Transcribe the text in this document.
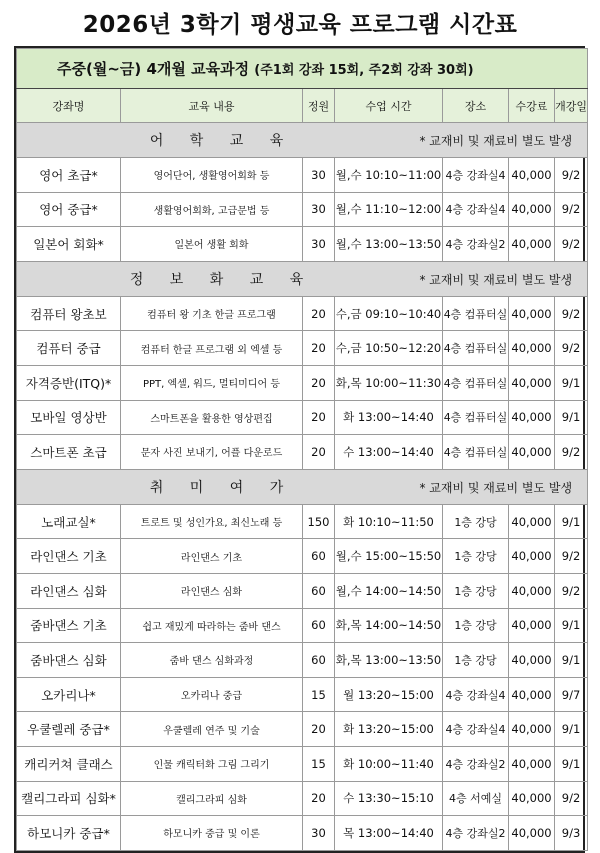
2026년 3학기 평생교육 프로그램 시간표
주중(월~금) 4개월 교육과정 (주1회 강좌 15회, 주2회 강좌 30회)						
강좌명	교육 내용	정원	수업 시간	장소	수강료	개강일
어 학 교 육 * 교재비 및 재료비 별도 발생						
영어 초급*	영어단어, 생활영어회화 등	30	월,수 10:10~11:00	4층 강좌실4	40,000	9/2
영어 중급*	생활영어회화, 고급문법 등	30	월,수 11:10~12:00	4층 강좌실4	40,000	9/2
일본어 회화*	일본어 생활 회화	30	월,수 13:00~13:50	4층 강좌실2	40,000	9/2
정 보 화 교 육 * 교재비 및 재료비 별도 발생						
컴퓨터 왕초보	컴퓨터 왕 기초 한글 프로그램	20	수,금 09:10~10:40	4층 컴퓨터실	40,000	9/2
컴퓨터 중급	컴퓨터 한글 프로그램 외 엑셀 등	20	수,금 10:50~12:20	4층 컴퓨터실	40,000	9/2
자격증반(ITQ)*	PPT, 엑셀, 워드, 멀티미디어 등	20	화,목 10:00~11:30	4층 컴퓨터실	40,000	9/1
모바일 영상반	스마트폰을 활용한 영상편집	20	화 13:00~14:40	4층 컴퓨터실	40,000	9/1
스마트폰 초급	문자 사진 보내기, 어플 다운로드	20	수 13:00~14:40	4층 컴퓨터실	40,000	9/2
취 미 여 가 * 교재비 및 재료비 별도 발생						
노래교실*	트로트 및 성인가요, 최신노래 등	150	화 10:10~11:50	1층 강당	40,000	9/1
라인댄스 기초	라인댄스 기초	60	월,수 15:00~15:50	1층 강당	40,000	9/2
라인댄스 심화	라인댄스 심화	60	월,수 14:00~14:50	1층 강당	40,000	9/2
줌바댄스 기초	쉽고 재밌게 따라하는 줌바 댄스	60	화,목 14:00~14:50	1층 강당	40,000	9/1
줌바댄스 심화	줌바 댄스 심화과정	60	화,목 13:00~13:50	1층 강당	40,000	9/1
오카리나*	오카리나 중급	15	월 13:20~15:00	4층 강좌실4	40,000	9/7
우쿨렐레 중급*	우쿨렐레 연주 및 기술	20	화 13:20~15:00	4층 강좌실4	40,000	9/1
캐리커쳐 클래스	인물 캐릭터화 그림 그리기	15	화 10:00~11:40	4층 강좌실2	40,000	9/1
캘리그라피 심화*	캘리그라피 심화	20	수 13:30~15:10	4층 서예실	40,000	9/2
하모니카 중급*	하모니카 중급 및 이론	30	목 13:00~14:40	4층 강좌실2	40,000	9/3
